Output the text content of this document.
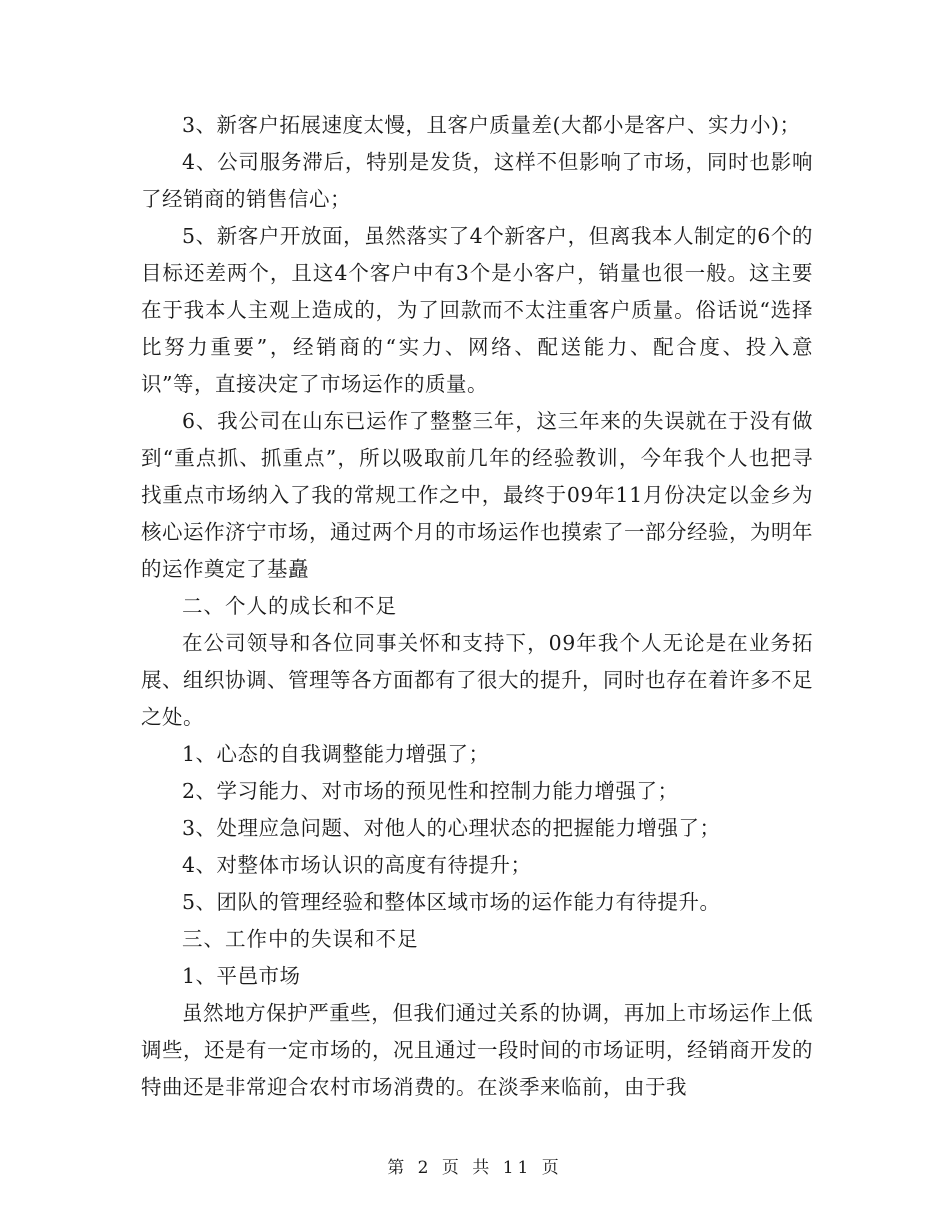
3、新客户拓展速度太慢，且客户质量差(大都小是客户、实力小)；

4、公司服务滞后，特别是发货，这样不但影响了市场，同时也影响了经销商的销售信心；

5、新客户开放面，虽然落实了4个新客户，但离我本人制定的6个的目标还差两个，且这4个客户中有3个是小客户，销量也很一般。这主要在于我本人主观上造成的，为了回款而不太注重客户质量。俗话说“选择比努力重要”，经销商的“实力、网络、配送能力、配合度、投入意识”等，直接决定了市场运作的质量。

6、我公司在山东已运作了整整三年，这三年来的失误就在于没有做到“重点抓、抓重点”，所以吸取前几年的经验教训，今年我个人也把寻找重点市场纳入了我的常规工作之中，最终于09年11月份决定以金乡为核心运作济宁市场，通过两个月的市场运作也摸索了一部分经验，为明年的运作奠定了基矗

二、个人的成长和不足

在公司领导和各位同事关怀和支持下，09年我个人无论是在业务拓展、组织协调、管理等各方面都有了很大的提升，同时也存在着许多不足之处。

1、心态的自我调整能力增强了；

2、学习能力、对市场的预见性和控制力能力增强了；

3、处理应急问题、对他人的心理状态的把握能力增强了；

4、对整体市场认识的高度有待提升；

5、团队的管理经验和整体区域市场的运作能力有待提升。

三、工作中的失误和不足

1、平邑市场

虽然地方保护严重些，但我们通过关系的协调，再加上市场运作上低调些，还是有一定市场的，况且通过一段时间的市场证明，经销商开发的特曲还是非常迎合农村市场消费的。在淡季来临前，由于我

第 2 页 共 11 页
